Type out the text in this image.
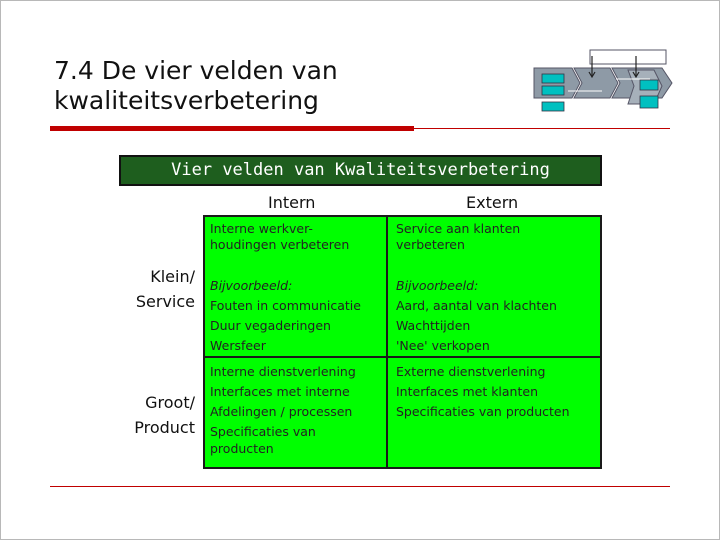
7.4 De vier velden van
kwaliteitsverbetering
Vier velden van Kwaliteitsverbetering
Intern	Extern
Klein/
Service
Groot/
Product
Interne werkver-
houdingen verbeteren
Bijvoorbeeld:
Fouten in communicatie
Duur vegaderingen
Wersfeer
Service aan klanten
verbeteren
Bijvoorbeeld:
Aard, aantal van klachten
Wachttijden
'Nee' verkopen
Interne dienstverlening
Interfaces met interne
Afdelingen / processen
Specificaties van
producten
Externe dienstverlening
Interfaces met klanten
Specificaties van producten
